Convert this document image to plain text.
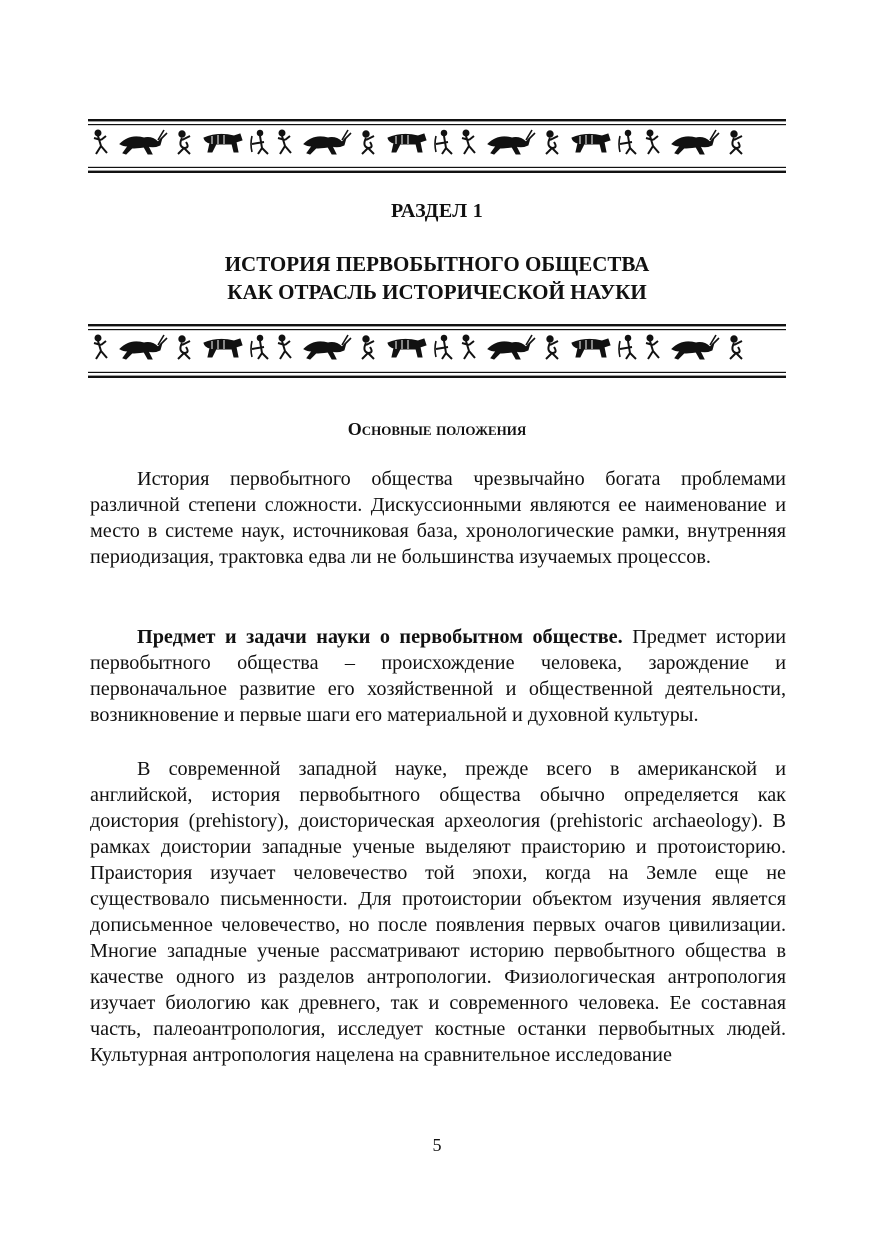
РАЗДЕЛ 1
ИСТОРИЯ ПЕРВОБЫТНОГО ОБЩЕСТВА
КАК ОТРАСЛЬ ИСТОРИЧЕСКОЙ НАУКИ
Основные положения

История первобытного общества чрезвычайно богата проблемами различной степени сложности. Дискуссионными являются ее наименование и место в системе наук, источниковая база, хронологические рамки, внутренняя периодизация, трактовка едва ли не большинства изучаемых процессов.

Предмет и задачи науки о первобытном обществе. Предмет истории первобытного общества – происхождение человека, зарождение и первоначальное развитие его хозяйственной и общественной деятельности, возникновение и первые шаги его материальной и духовной культуры.

В современной западной науке, прежде всего в американской и английской, история первобытного общества обычно определяется как доистория (prehistory), доисторическая археология (prehistoric archaeology). В рамках доистории западные ученые выделяют праисторию и протоисторию. Праистория изучает человечество той эпохи, когда на Земле еще не существовало письменности. Для протоистории объектом изучения является дописьменное человечество, но после появления первых очагов цивилизации. Многие западные ученые рассматривают историю первобытного общества в качестве одного из разделов антропологии. Физиологическая антропология изучает биологию как древнего, так и современного человека. Ее составная часть, палеоантропология, исследует костные останки первобытных людей. Культурная антропология нацелена на сравнительное исследование

5
